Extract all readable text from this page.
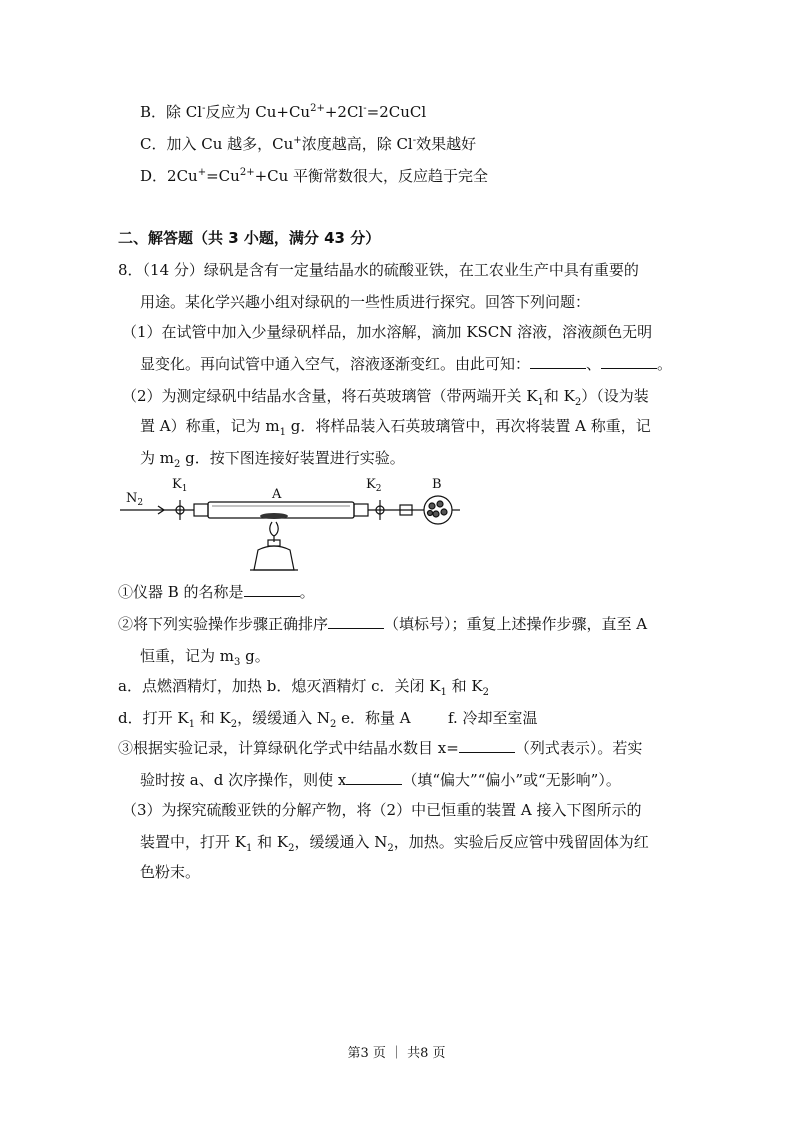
B．除 Cl-反应为 $Cu+Cu^{2+}+2Cl^-=2CuCl$
C．加入 Cu 越多，Cu+浓度越高，除 Cl-效果越好
D．$2Cu^+=Cu^{2+}+Cu$ 平衡常数很大，反应趋于完全
二、解答题（共 3 小题，满分 43 分）
8．（14 分）绿矾是含有一定量结晶水的硫酸亚铁，在工农业生产中具有重要的
用途。某化学兴趣小组对绿矾的一些性质进行探究。回答下列问题：
（1）在试管中加入少量绿矾样品，加水溶解，滴加 KSCN 溶液，溶液颜色无明
显变化。再向试管中通入空气，溶液逐渐变红。由此可知：	、	。
（2）为测定绿矾中结晶水含量，将石英玻璃管（带两端开关 $K_1$和 $K_2$）（设为装
置 A）称重，记为 $m_1$ g．将样品装入石英玻璃管中，再次将装置 A 称重，记
为 $m_2$ g．按下图连接好装置进行实验。
$N_2$
$K_1$	A
$K_2$	B
①仪器 B 的名称是	。
②将下列实验操作步骤正确排序	（填标号）；重复上述操作步骤，直至 A
恒重，记为 $m_3$ g。
a．点燃酒精灯，加热 b．熄灭酒精灯 c．关闭 $K_1$ 和 $K_2$
d．打开 $K_1$ 和 $K_2$，缓缓通入 $N_2$ e．称量 A f. 冷却至室温
③根据实验记录，计算绿矾化学式中结晶水数目 x=	（列式表示）。若实
验时按 a、d 次序操作，则使 x	（填“偏大”“偏小”或“无影响”）。
（3）为探究硫酸亚铁的分解产物，将（2）中已恒重的装置 A 接入下图所示的
装置中，打开 $K_1$ 和 $K_2$，缓缓通入 $N_2$，加热。实验后反应管中残留固体为红
色粉末。
第3 页 ｜ 共8 页
